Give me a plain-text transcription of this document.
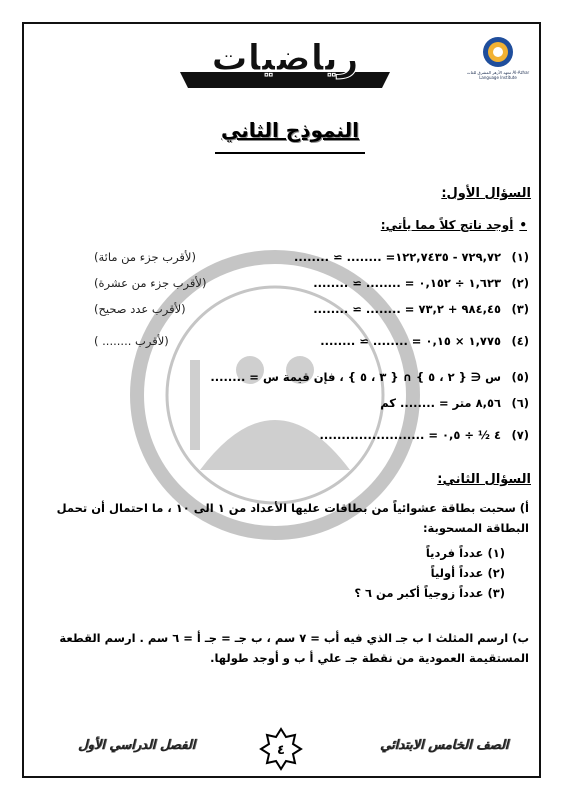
معهد الأزهر المشرق للغات Al-Azhar Language Institute
رياضيات
النموذج الثاني
السؤال الأول:
•أوجد ناتج كلاً مما يأتي:
(١)
٧٢٩,٧٢ - ١٢٢,٧٤٣٥= ........ ≃ ........
(لأقرب جزء من مائة)
(٢)
١,٦٢٣ ÷ ٠,١٥٢ = ........ ≃ ........
(لأقرب جزء من عشرة)
(٣)
٩٨٤,٤٥ + ٧٣,٢ = ........ ≃ ........
(لأقرب عدد صحيح)
(٤)
١,٧٧٥ × ٠,١٥ = ........ ≃ ........
(لأقرب ........ )
(٥)
س ∈ { ٢ ، ٥ } ∩ { ٣ ، ٥ } ، فإن قيمة س = ........
(٦)
٨,٥٦ متر = ........ كم
(٧)
٤ ½ ÷ ٠,٥ = ........................
السؤال الثاني:
أ) سحبت بطاقة عشوائياً من بطاقات عليها الأعداد من ١ الى ١٠ ، ما احتمال أن تحمل البطاقة المسحوبة:
(١) عدداً فردياً
(٢) عدداً أولياً
(٣) عدداً زوجياً أكبر من ٦ ؟
ب) ارسم المثلث ا ب جـ الذي فيه أب = ٧ سم ، ب جـ = جـ أ = ٦ سم . ارسم القطعة المستقيمة العمودية من نقطة جـ علي أ ب و أوجد طولها.
الفصل الدراسي الأول	الصف الخامس الابتدائي
٤
